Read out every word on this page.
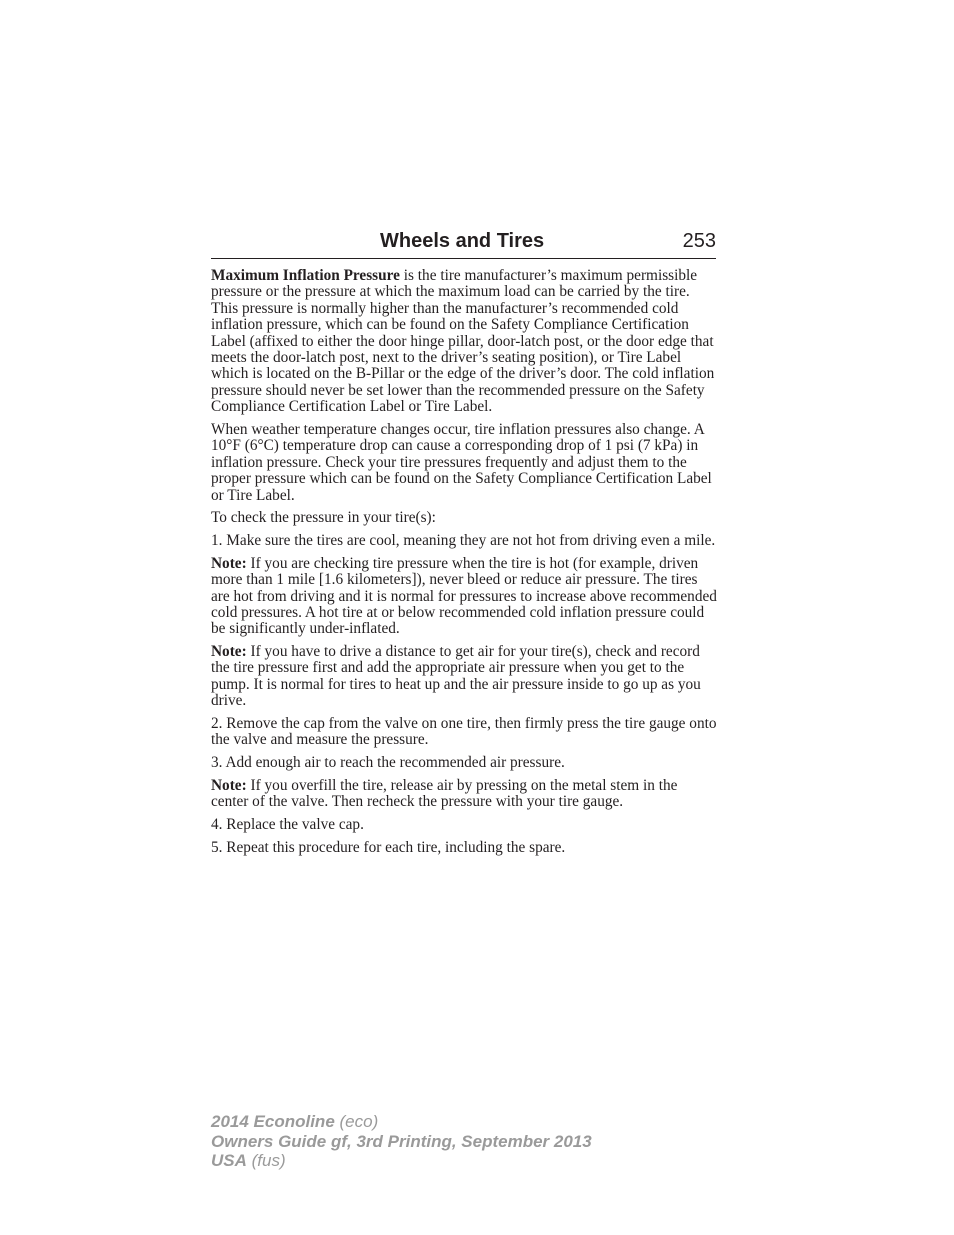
Wheels and Tires	253

Maximum Inflation Pressure is the tire manufacturer’s maximum permissible pressure or the pressure at which the maximum load can be carried by the tire. This pressure is normally higher than the manufacturer’s recommended cold inflation pressure, which can be found on the Safety Compliance Certification Label (affixed to either the door hinge pillar, door-latch post, or the door edge that meets the door-latch post, next to the driver’s seating position), or Tire Label which is located on the B-Pillar or the edge of the driver’s door. The cold inflation pressure should never be set lower than the recommended pressure on the Safety Compliance Certification Label or Tire Label.

When weather temperature changes occur, tire inflation pressures also change. A 10°F (6°C) temperature drop can cause a corresponding drop of 1 psi (7 kPa) in inflation pressure. Check your tire pressures frequently and adjust them to the proper pressure which can be found on the Safety Compliance Certification Label or Tire Label.

To check the pressure in your tire(s):

1. Make sure the tires are cool, meaning they are not hot from driving even a mile.

Note: If you are checking tire pressure when the tire is hot (for example, driven more than 1 mile [1.6 kilometers]), never bleed or reduce air pressure. The tires are hot from driving and it is normal for pressures to increase above recommended cold pressures. A hot tire at or below recommended cold inflation pressure could be significantly under-inflated.

Note: If you have to drive a distance to get air for your tire(s), check and record the tire pressure first and add the appropriate air pressure when you get to the pump. It is normal for tires to heat up and the air pressure inside to go up as you drive.

2. Remove the cap from the valve on one tire, then firmly press the tire gauge onto the valve and measure the pressure.

3. Add enough air to reach the recommended air pressure.

Note: If you overfill the tire, release air by pressing on the metal stem in the center of the valve. Then recheck the pressure with your tire gauge.

4. Replace the valve cap.

5. Repeat this procedure for each tire, including the spare.

2014 Econoline (eco)
Owners Guide gf, 3rd Printing, September 2013
USA (fus)
